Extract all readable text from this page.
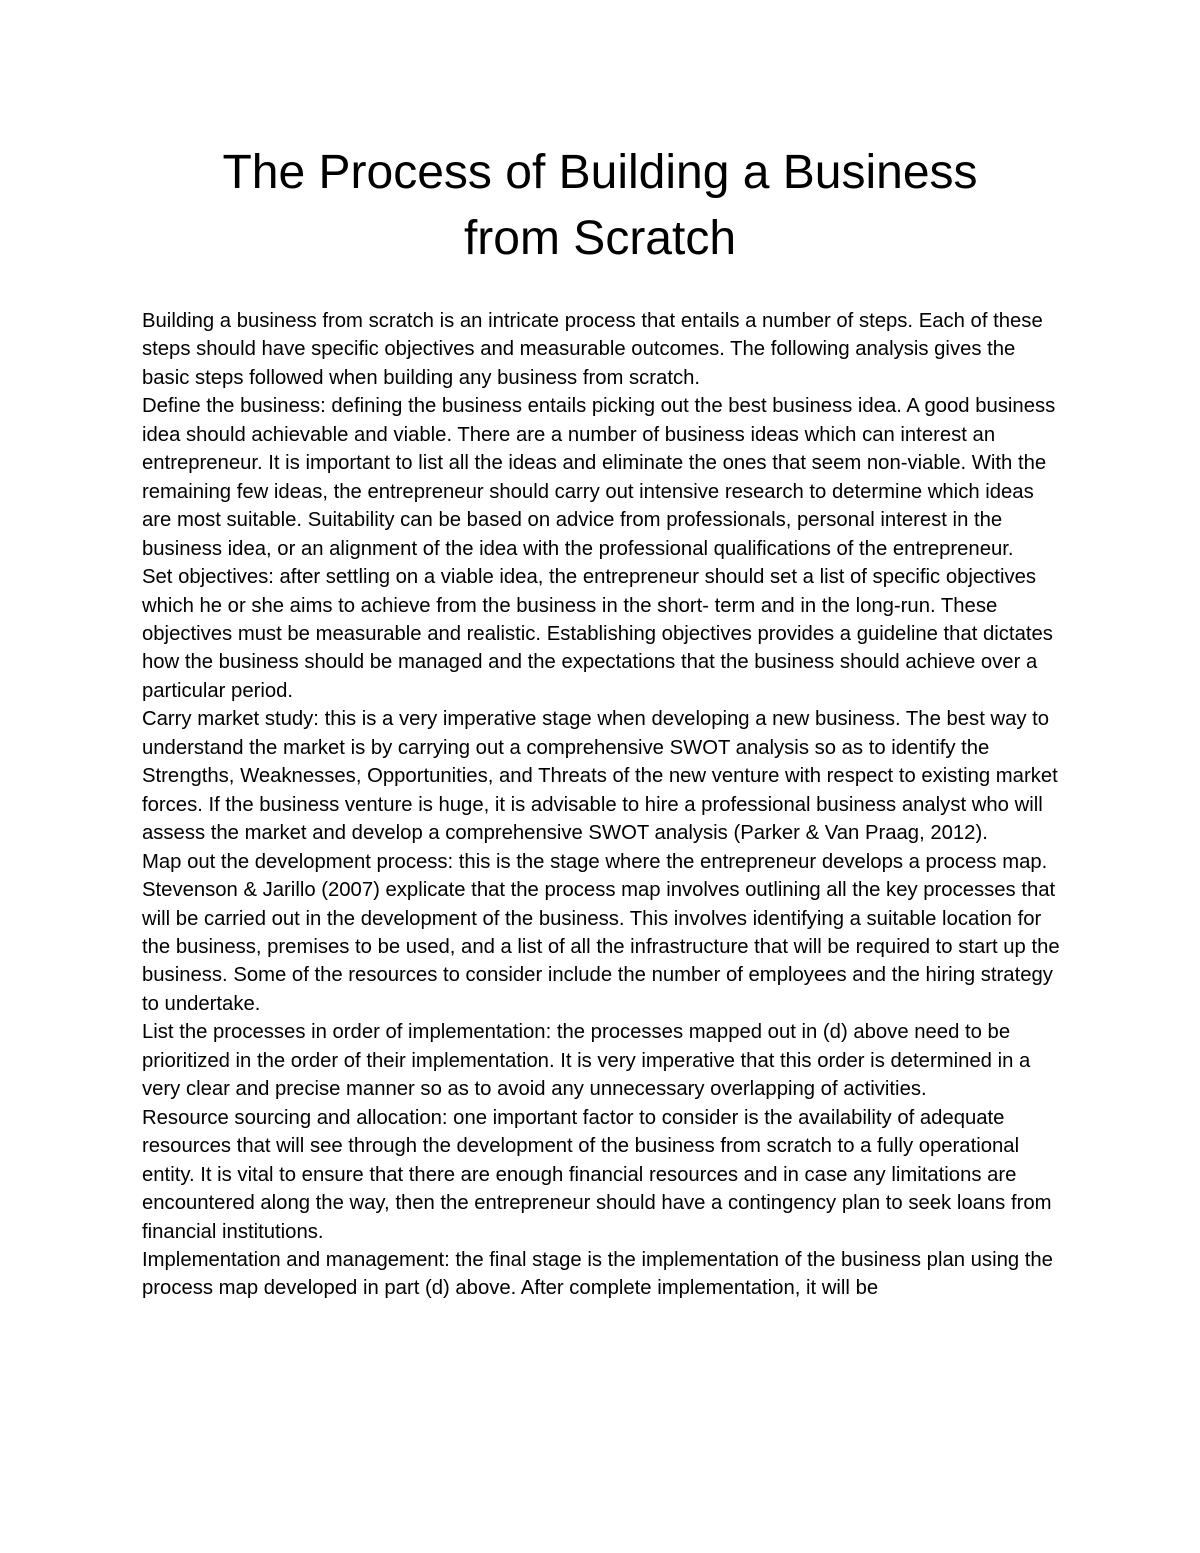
The Process of Building a Business
from Scratch

Building a business from scratch is an intricate process that entails a number of steps. Each of these steps should have specific objectives and measurable outcomes. The following analysis gives the basic steps followed when building any business from scratch.

Define the business: defining the business entails picking out the best business idea. A good business idea should achievable and viable. There are a number of business ideas which can interest an entrepreneur. It is important to list all the ideas and eliminate the ones that seem non-viable. With the remaining few ideas, the entrepreneur should carry out intensive research to determine which ideas are most suitable. Suitability can be based on advice from professionals, personal interest in the business idea, or an alignment of the idea with the professional qualifications of the entrepreneur.

Set objectives: after settling on a viable idea, the entrepreneur should set a list of specific objectives which he or she aims to achieve from the business in the short- term and in the long-run. These objectives must be measurable and realistic. Establishing objectives provides a guideline that dictates how the business should be managed and the expectations that the business should achieve over a particular period.

Carry market study: this is a very imperative stage when developing a new business. The best way to understand the market is by carrying out a comprehensive SWOT analysis so as to identify the Strengths, Weaknesses, Opportunities, and Threats of the new venture with respect to existing market forces. If the business venture is huge, it is advisable to hire a professional business analyst who will assess the market and develop a comprehensive SWOT analysis (Parker & Van Praag, 2012).

Map out the development process: this is the stage where the entrepreneur develops a process map. Stevenson & Jarillo (2007) explicate that the process map involves outlining all the key processes that will be carried out in the development of the business. This involves identifying a suitable location for the business, premises to be used, and a list of all the infrastructure that will be required to start up the business. Some of the resources to consider include the number of employees and the hiring strategy to undertake.

List the processes in order of implementation: the processes mapped out in (d) above need to be prioritized in the order of their implementation. It is very imperative that this order is determined in a very clear and precise manner so as to avoid any unnecessary overlapping of activities.

Resource sourcing and allocation: one important factor to consider is the availability of adequate resources that will see through the development of the business from scratch to a fully operational entity. It is vital to ensure that there are enough financial resources and in case any limitations are encountered along the way, then the entrepreneur should have a contingency plan to seek loans from financial institutions.

Implementation and management: the final stage is the implementation of the business plan using the process map developed in part (d) above. After complete implementation, it will be
